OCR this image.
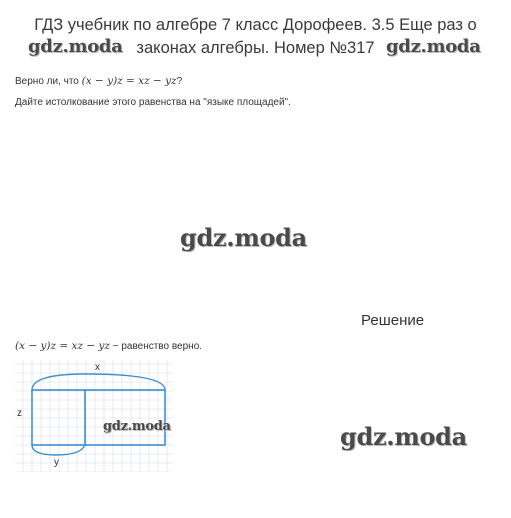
ГДЗ учебник по алгебре 7 класс Дорофеев. 3.5 Еще раз о
законах алгебры. Номер №317
gdz.moda	gdz.moda
Верно ли, что (x − y)z = xz − yz?
Дайте истолкование этого равенства на "языке площадей".
gdz.moda
Решение
(x − y)z = xz − yz − равенство верно.
x
z
y
gdz.moda	gdz.moda
